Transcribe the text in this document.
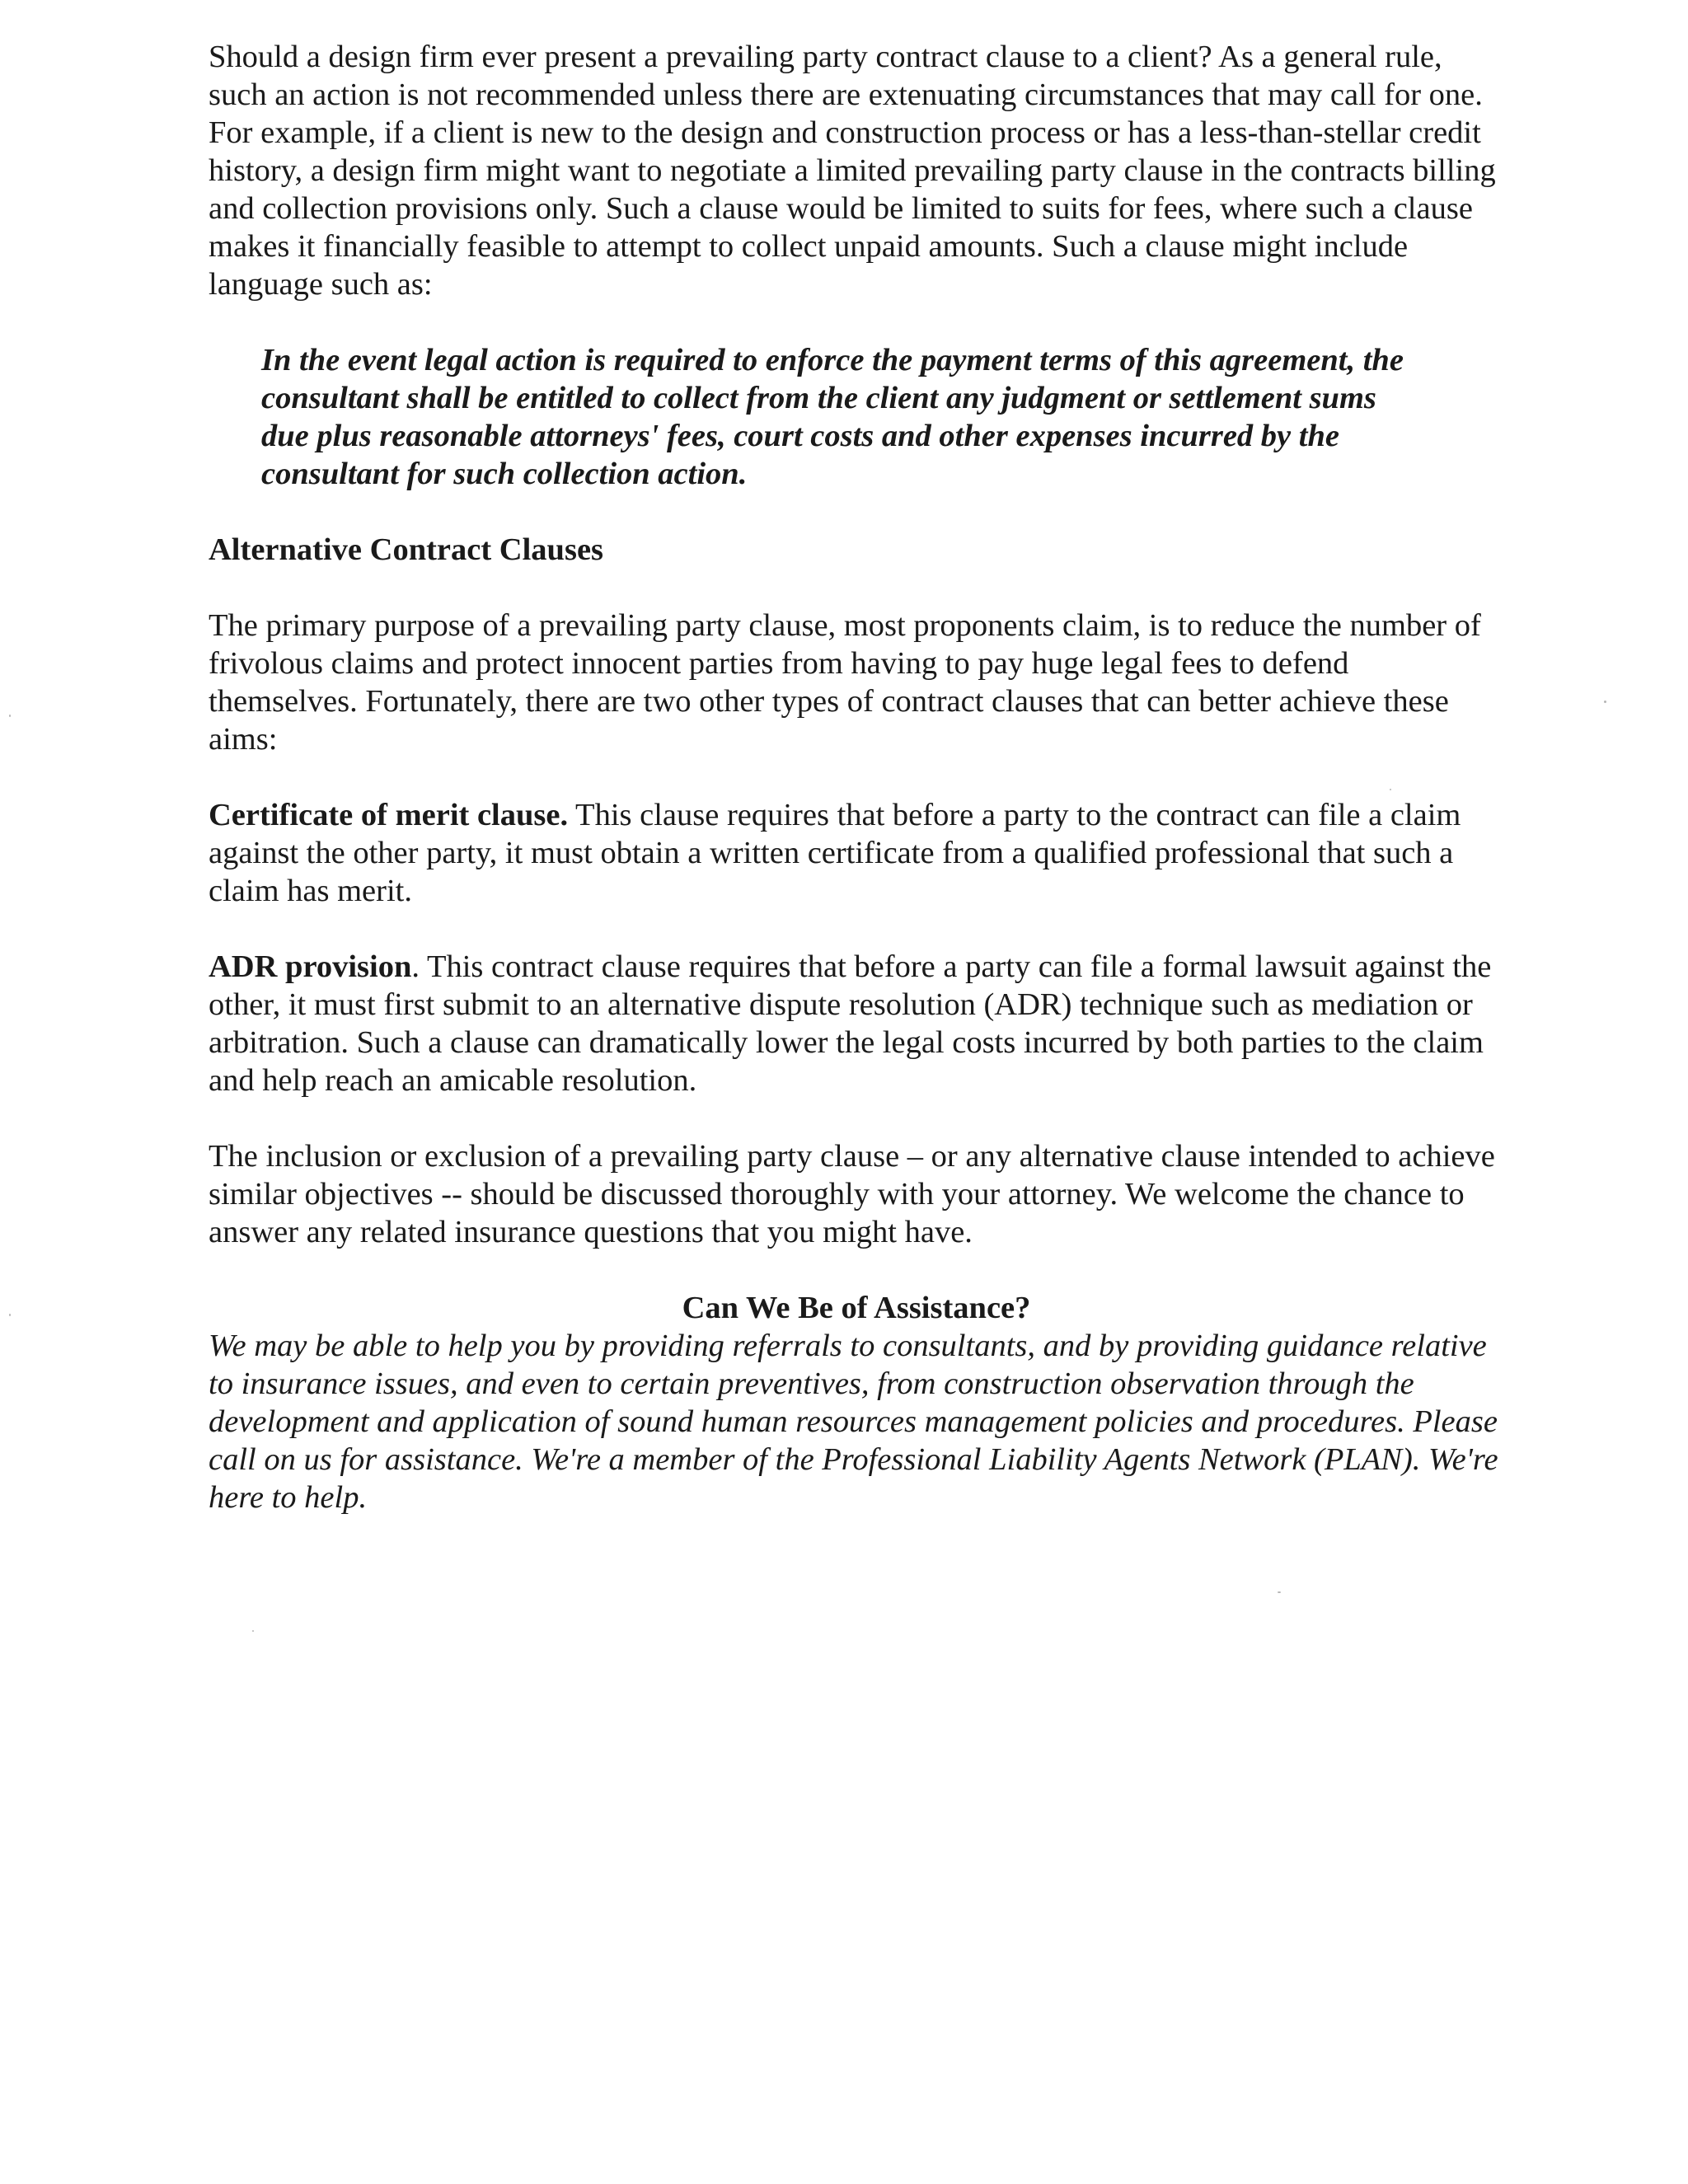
Should a design firm ever present a prevailing party contract clause to a client? As a general rule, such an action is not recommended unless there are extenuating circumstances that may call for one. For example, if a client is new to the design and construction process or has a less-than-stellar credit history, a design firm might want to negotiate a limited prevailing party clause in the contracts billing and collection provisions only. Such a clause would be limited to suits for fees, where such a clause makes it financially feasible to attempt to collect unpaid amounts. Such a clause might include language such as:

In the event legal action is required to enforce the payment terms of this agreement, the consultant shall be entitled to collect from the client any judgment or settlement sums due plus reasonable attorneys' fees, court costs and other expenses incurred by the consultant for such collection action.

Alternative Contract Clauses

The primary purpose of a prevailing party clause, most proponents claim, is to reduce the number of frivolous claims and protect innocent parties from having to pay huge legal fees to defend themselves. Fortunately, there are two other types of contract clauses that can better achieve these aims:

Certificate of merit clause. This clause requires that before a party to the contract can file a claim against the other party, it must obtain a written certificate from a qualified professional that such a claim has merit.

ADR provision. This contract clause requires that before a party can file a formal lawsuit against the other, it must first submit to an alternative dispute resolution (ADR) technique such as mediation or arbitration. Such a clause can dramatically lower the legal costs incurred by both parties to the claim and help reach an amicable resolution.

The inclusion or exclusion of a prevailing party clause – or any alternative clause intended to achieve similar objectives -- should be discussed thoroughly with your attorney. We welcome the chance to answer any related insurance questions that you might have.

Can We Be of Assistance?

We may be able to help you by providing referrals to consultants, and by providing guidance relative to insurance issues, and even to certain preventives, from construction observation through the development and application of sound human resources management policies and procedures. Please call on us for assistance. We're a member of the Professional Liability Agents Network (PLAN). We're here to help.
